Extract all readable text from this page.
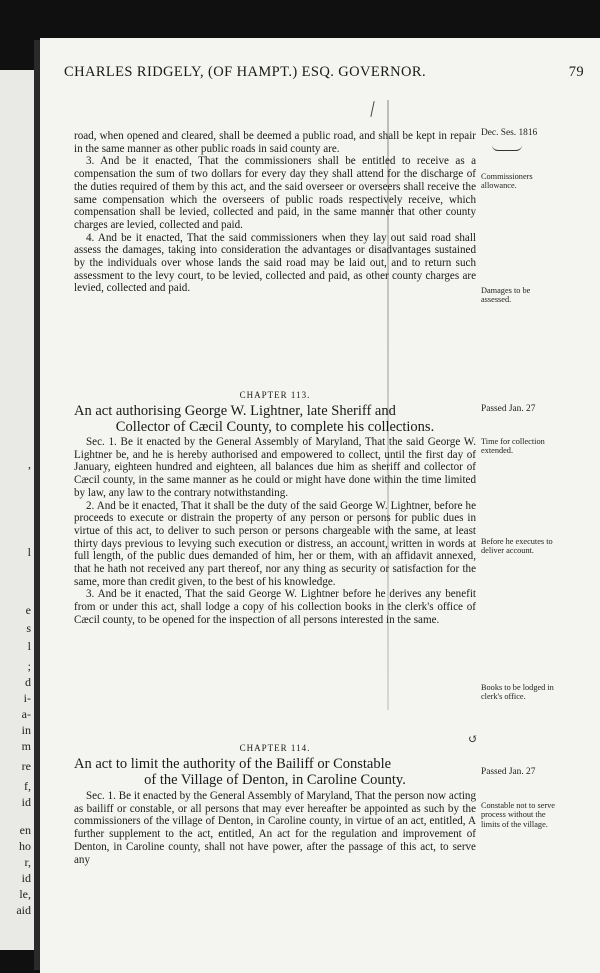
,
l
e
s
l
;
d
i-
a-
in
m
re
f,
id
en
ho
r,
id
le,
aid
CHARLES RIDGELY, (OF HAMPT.) ESQ. GOVERNOR.	79

road, when opened and cleared, shall be deemed a public road, and shall be kept in repair in the same manner as other public roads in said county are.

3. And be it enacted, That the commissioners shall be entitled to receive as a compensation the sum of two dollars for every day they shall attend for the discharge of the duties required of them by this act, and the said overseer or overseers shall receive the same compensation which the overseers of public roads respectively receive, which compensation shall be levied, collected and paid, in the same manner that other county charges are levied, collected and paid.

4. And be it enacted, That the said commissioners when they lay out said road shall assess the damages, taking into consideration the advantages or disadvantages sustained by the individuals over whose lands the said road may be laid out, and to return such assessment to the levy court, to be levied, collected and paid, as other county charges are levied, collected and paid.

CHAPTER 113.
An act authorising George W. Lightner, late Sheriff and
Collector of Cæcil County, to complete his collections.

Sec. 1. Be it enacted by the General Assembly of Maryland, That the said George W. Lightner be, and he is hereby authorised and empowered to collect, until the first day of January, eighteen hundred and eighteen, all balances due him as sheriff and collector of Cæcil county, in the same manner as he could or might have done within the time limited by law, any law to the contrary notwithstanding.

2. And be it enacted, That it shall be the duty of the said George W. Lightner, before he proceeds to execute or distrain the property of any person or persons for public dues in virtue of this act, to deliver to such person or persons chargeable with the same, at least thirty days previous to levying such execution or distress, an account, written in words at full length, of the public dues demanded of him, her or them, with an affidavit annexed, that he hath not received any part thereof, nor any thing as security or satisfaction for the same, more than credit given, to the best of his knowledge.

3. And be it enacted, That the said George W. Lightner before he derives any benefit from or under this act, shall lodge a copy of his collection books in the clerk's office of Cæcil county, to be opened for the inspection of all persons interested in the same.

↺
CHAPTER 114.
An act to limit the authority of the Bailiff or Constable
of the Village of Denton, in Caroline County.

Sec. 1. Be it enacted by the General Assembly of Maryland, That the person now acting as bailiff or constable, or all persons that may ever hereafter be appointed as such by the commissioners of the village of Denton, in Caroline county, in virtue of an act, entitled, A further supplement to the act, entitled, An act for the regulation and improvement of Denton, in Caroline county, shall not have power, after the passage of this act, to serve any

Dec. Ses. 1816
Commissioners allowance.
Damages to be assessed.
Passed Jan. 27
Time for collection extended.
Before he executes to deliver account.
Books to be lodged in clerk's office.
Passed Jan. 27
Constable not to serve process without the limits of the village.
